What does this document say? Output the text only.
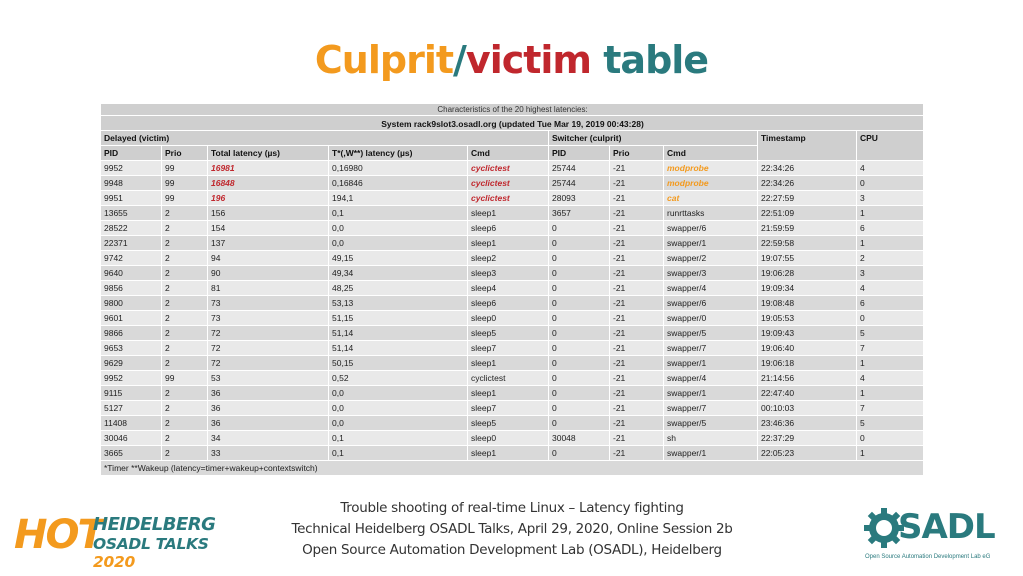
Culprit/victim table
Characteristics of the 20 highest latencies:									
System rack9slot3.osadl.org (updated Tue Mar 19, 2019 00:43:28)									
Delayed (victim)					Switcher (culprit)			Timestamp	CPU
PID	Prio	Total latency (µs)	T*(,W**) latency (µs)	Cmd	PID	Prio	Cmd		
9952	99	16981	0,16980	cyclictest	25744	-21	modprobe	22:34:26	4
9948	99	16848	0,16846	cyclictest	25744	-21	modprobe	22:34:26	0
9951	99	196	194,1	cyclictest	28093	-21	cat	22:27:59	3
13655	2	156	0,1	sleep1	3657	-21	runrttasks	22:51:09	1
28522	2	154	0,0	sleep6	0	-21	swapper/6	21:59:59	6
22371	2	137	0,0	sleep1	0	-21	swapper/1	22:59:58	1
9742	2	94	49,15	sleep2	0	-21	swapper/2	19:07:55	2
9640	2	90	49,34	sleep3	0	-21	swapper/3	19:06:28	3
9856	2	81	48,25	sleep4	0	-21	swapper/4	19:09:34	4
9800	2	73	53,13	sleep6	0	-21	swapper/6	19:08:48	6
9601	2	73	51,15	sleep0	0	-21	swapper/0	19:05:53	0
9866	2	72	51,14	sleep5	0	-21	swapper/5	19:09:43	5
9653	2	72	51,14	sleep7	0	-21	swapper/7	19:06:40	7
9629	2	72	50,15	sleep1	0	-21	swapper/1	19:06:18	1
9952	99	53	0,52	cyclictest	0	-21	swapper/4	21:14:56	4
9115	2	36	0,0	sleep1	0	-21	swapper/1	22:47:40	1
5127	2	36	0,0	sleep7	0	-21	swapper/7	00:10:03	7
11408	2	36	0,0	sleep5	0	-21	swapper/5	23:46:36	5
30046	2	34	0,1	sleep0	30048	-21	sh	22:37:29	0
3665	2	33	0,1	sleep1	0	-21	swapper/1	22:05:23	1
*Timer **Wakeup (latency=timer+wakeup+contextswitch)									
HOT
HEIDELBERG
OSADL TALKS 2020
Trouble shooting of real-time Linux – Latency fighting
Technical Heidelberg OSADL Talks, April 29, 2020, Online Session 2b
Open Source Automation Development Lab (OSADL), Heidelberg
SADL
Open Source Automation Development Lab eG
